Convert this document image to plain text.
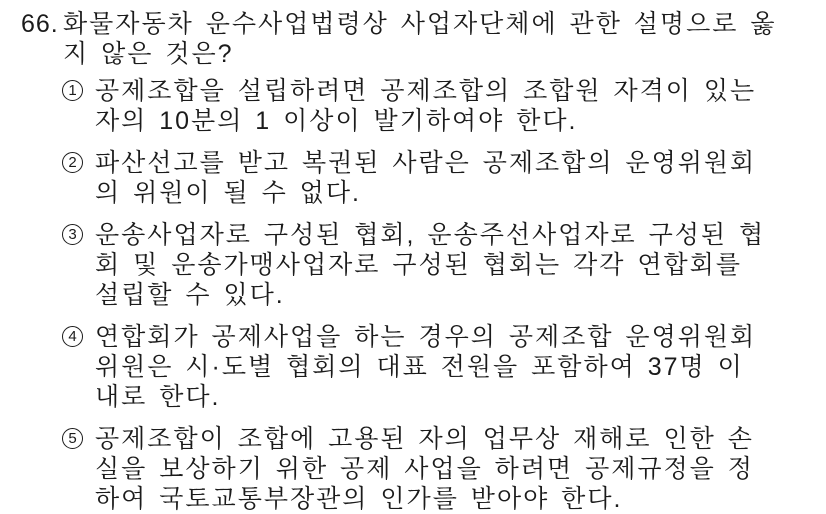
66. 화물자동차 운수사업법령상 사업자단체에 관한 설명으로 옳
지 않은 것은?
1 공제조합을 설립하려면 공제조합의 조합원 자격이 있는
자의 10분의 1 이상이 발기하여야 한다.
2 파산선고를 받고 복권된 사람은 공제조합의 운영위원회
의 위원이 될 수 없다.
3 운송사업자로 구성된 협회, 운송주선사업자로 구성된 협
회 및 운송가맹사업자로 구성된 협회는 각각 연합회를
설립할 수 있다.
4 연합회가 공제사업을 하는 경우의 공제조합 운영위원회
위원은 시·도별 협회의 대표 전원을 포함하여 37명 이
내로 한다.
5 공제조합이 조합에 고용된 자의 업무상 재해로 인한 손
실을 보상하기 위한 공제 사업을 하려면 공제규정을 정
하여 국토교통부장관의 인가를 받아야 한다.
